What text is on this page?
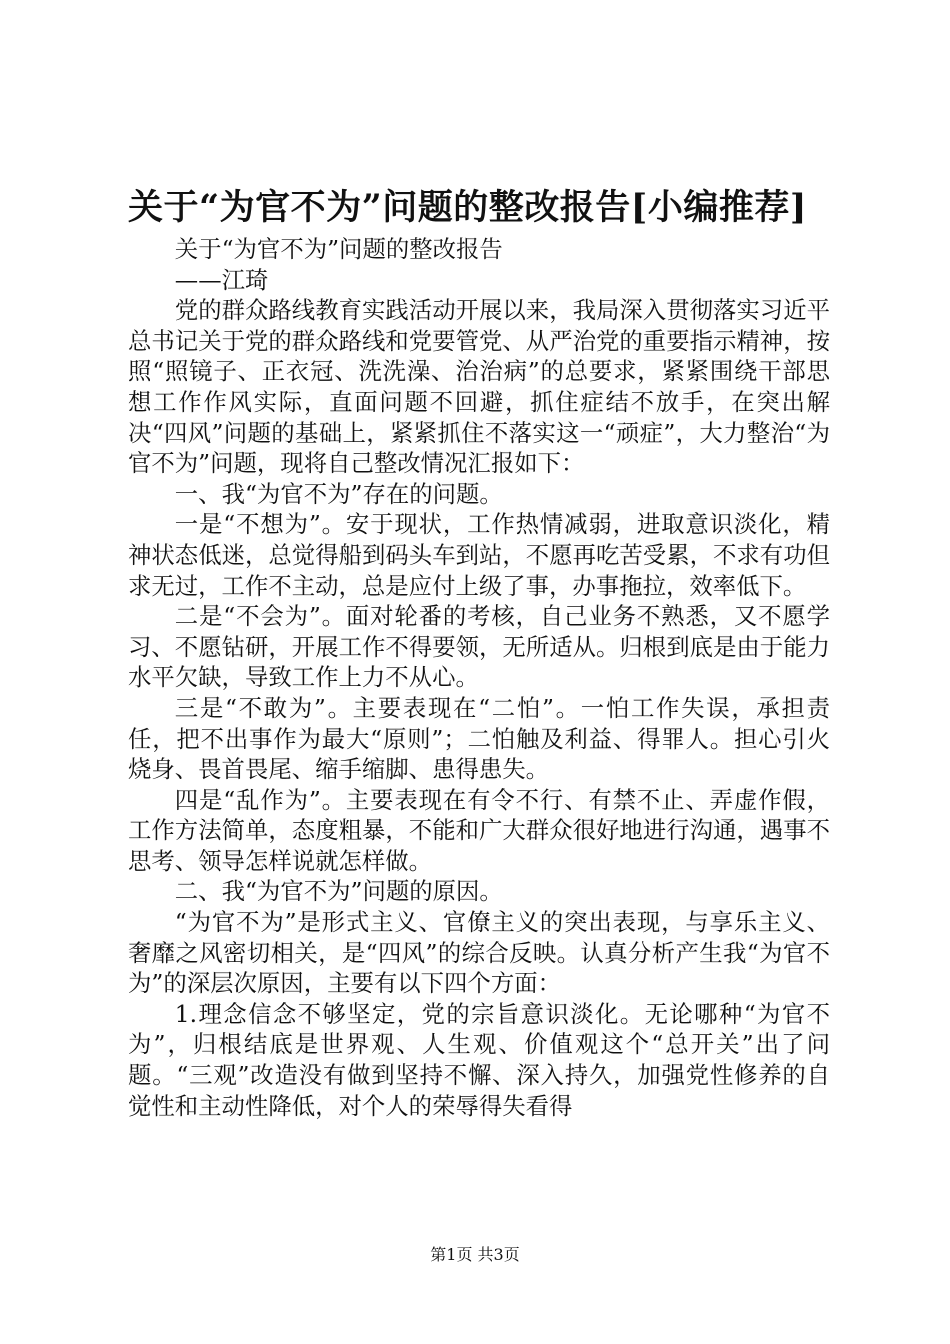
关于“为官不为”问题的整改报告[小编推荐]

关于“为官不为”问题的整改报告

——江琦

党的群众路线教育实践活动开展以来，我局深入贯彻落实习近平总书记关于党的群众路线和党要管党、从严治党的重要指示精神，按照“照镜子、正衣冠、洗洗澡、治治病”的总要求，紧紧围绕干部思想工作作风实际，直面问题不回避，抓住症结不放手，在突出解决“四风”问题的基础上，紧紧抓住不落实这一“顽症”，大力整治“为官不为”问题，现将自己整改情况汇报如下：

一、我“为官不为”存在的问题。

一是“不想为”。安于现状，工作热情减弱，进取意识淡化，精神状态低迷，总觉得船到码头车到站，不愿再吃苦受累，不求有功但求无过，工作不主动，总是应付上级了事，办事拖拉，效率低下。

二是“不会为”。面对轮番的考核，自己业务不熟悉，又不愿学习、不愿钻研，开展工作不得要领，无所适从。归根到底是由于能力水平欠缺，导致工作上力不从心。

三是“不敢为”。主要表现在“二怕”。一怕工作失误，承担责任，把不出事作为最大“原则”；二怕触及利益、得罪人。担心引火烧身、畏首畏尾、缩手缩脚、患得患失。

四是“乱作为”。主要表现在有令不行、有禁不止、弄虚作假，工作方法简单，态度粗暴，不能和广大群众很好地进行沟通，遇事不思考、领导怎样说就怎样做。

二、我“为官不为”问题的原因。

“为官不为”是形式主义、官僚主义的突出表现，与享乐主义、奢靡之风密切相关，是“四风”的综合反映。认真分析产生我“为官不为”的深层次原因，主要有以下四个方面：

1.理念信念不够坚定，党的宗旨意识淡化。无论哪种“为官不为”，归根结底是世界观、人生观、价值观这个“总开关”出了问题。“三观”改造没有做到坚持不懈、深入持久，加强党性修养的自觉性和主动性降低，对个人的荣辱得失看得

第1页 共3页
